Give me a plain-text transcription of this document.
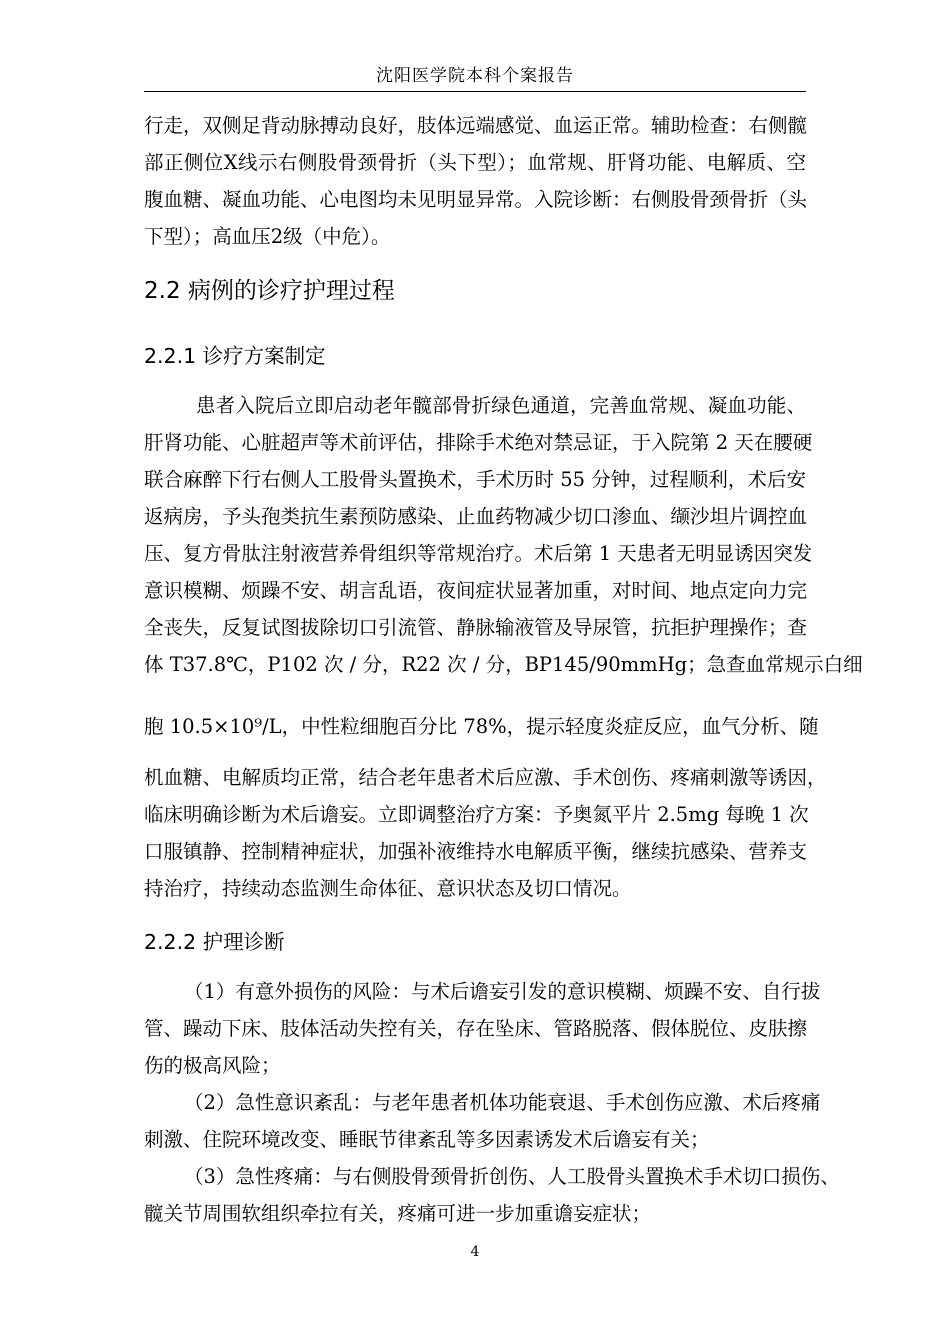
沈阳医学院本科个案报告
行走，双侧足背动脉搏动良好，肢体远端感觉、血运正常。辅助检查：右侧髋
部正侧位X线示右侧股骨颈骨折（头下型）；血常规、肝肾功能、电解质、空
腹血糖、凝血功能、心电图均未见明显异常。入院诊断：右侧股骨颈骨折（头
下型）；高血压2级（中危）。
2.2 病例的诊疗护理过程
2.2.1 诊疗方案制定
患者入院后立即启动老年髋部骨折绿色通道，完善血常规、凝血功能、
肝肾功能、心脏超声等术前评估，排除手术绝对禁忌证，于入院第 2 天在腰硬
联合麻醉下行右侧人工股骨头置换术，手术历时 55 分钟，过程顺利，术后安
返病房，予头孢类抗生素预防感染、止血药物减少切口渗血、缬沙坦片调控血
压、复方骨肽注射液营养骨组织等常规治疗。术后第 1 天患者无明显诱因突发
意识模糊、烦躁不安、胡言乱语，夜间症状显著加重，对时间、地点定向力完
全丧失，反复试图拔除切口引流管、静脉输液管及导尿管，抗拒护理操作；查
体 T37.8℃，P102 次 / 分，R22 次 / 分，BP145/90mmHg；急查血常规示白细
胞 10.5×10⁹/L，中性粒细胞百分比 78%，提示轻度炎症反应，血气分析、随
机血糖、电解质均正常，结合老年患者术后应激、手术创伤、疼痛刺激等诱因，
临床明确诊断为术后谵妄。立即调整治疗方案：予奥氮平片 2.5mg 每晚 1 次
口服镇静、控制精神症状，加强补液维持水电解质平衡，继续抗感染、营养支
持治疗，持续动态监测生命体征、意识状态及切口情况。
2.2.2 护理诊断
（1）有意外损伤的风险：与术后谵妄引发的意识模糊、烦躁不安、自行拔
管、躁动下床、肢体活动失控有关，存在坠床、管路脱落、假体脱位、皮肤擦
伤的极高风险；
（2）急性意识紊乱：与老年患者机体功能衰退、手术创伤应激、术后疼痛
刺激、住院环境改变、睡眠节律紊乱等多因素诱发术后谵妄有关；
（3）急性疼痛：与右侧股骨颈骨折创伤、人工股骨头置换术手术切口损伤、
髋关节周围软组织牵拉有关，疼痛可进一步加重谵妄症状；
4
